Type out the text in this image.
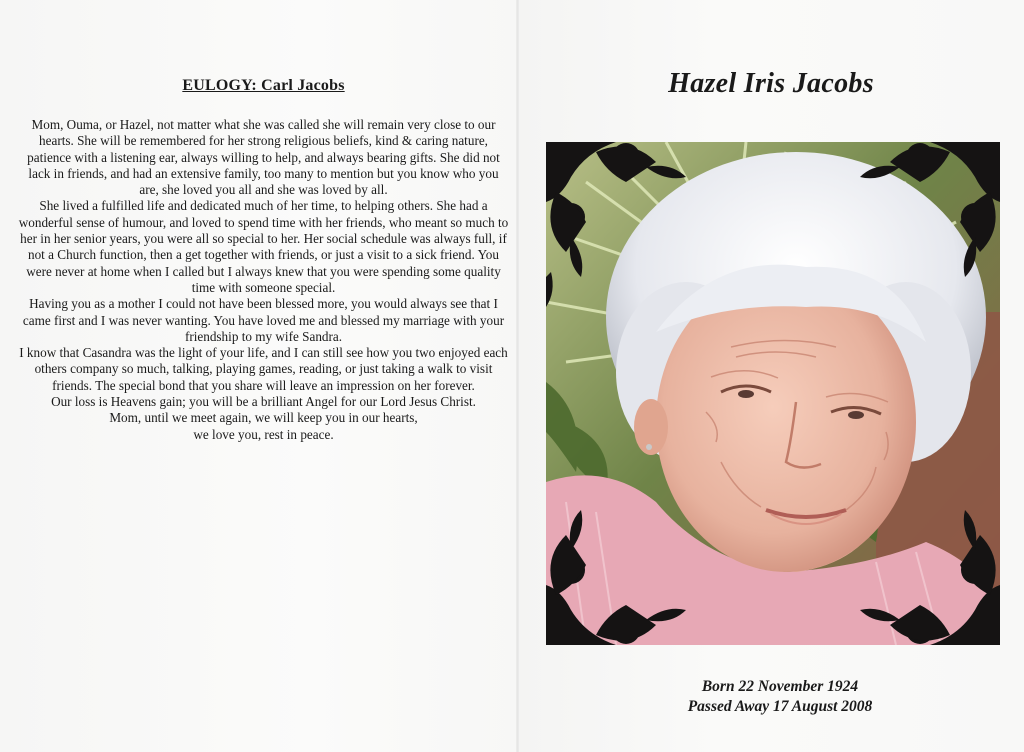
EULOGY: Carl Jacobs

Mom, Ouma, or Hazel, not matter what she was called she will remain very close to our hearts. She will be remembered for her strong religious beliefs, kind & caring nature, patience with a listening ear, always willing to help, and always bearing gifts. She did not lack in friends, and had an extensive family, too many to mention but you know who you are, she loved you all and she was loved by all.

She lived a fulfilled life and dedicated much of her time, to helping others. She had a wonderful sense of humour, and loved to spend time with her friends, who meant so much to her in her senior years, you were all so special to her. Her social schedule was always full, if not a Church function, then a get together with friends, or just a visit to a sick friend. You were never at home when I called but I always knew that you were spending some quality time with someone special.

Having you as a mother I could not have been blessed more, you would always see that I came first and I was never wanting. You have loved me and blessed my marriage with your friendship to my wife Sandra.

I know that Casandra was the light of your life, and I can still see how you two enjoyed each others company so much, talking, playing games, reading, or just taking a walk to visit friends. The special bond that you share will leave an impression on her forever.

Our loss is Heavens gain; you will be a brilliant Angel for our Lord Jesus Christ.

Mom, until we meet again, we will keep you in our hearts,

we love you, rest in peace.

Hazel Iris Jacobs
Born 22 November 1924
Passed Away 17 August 2008
